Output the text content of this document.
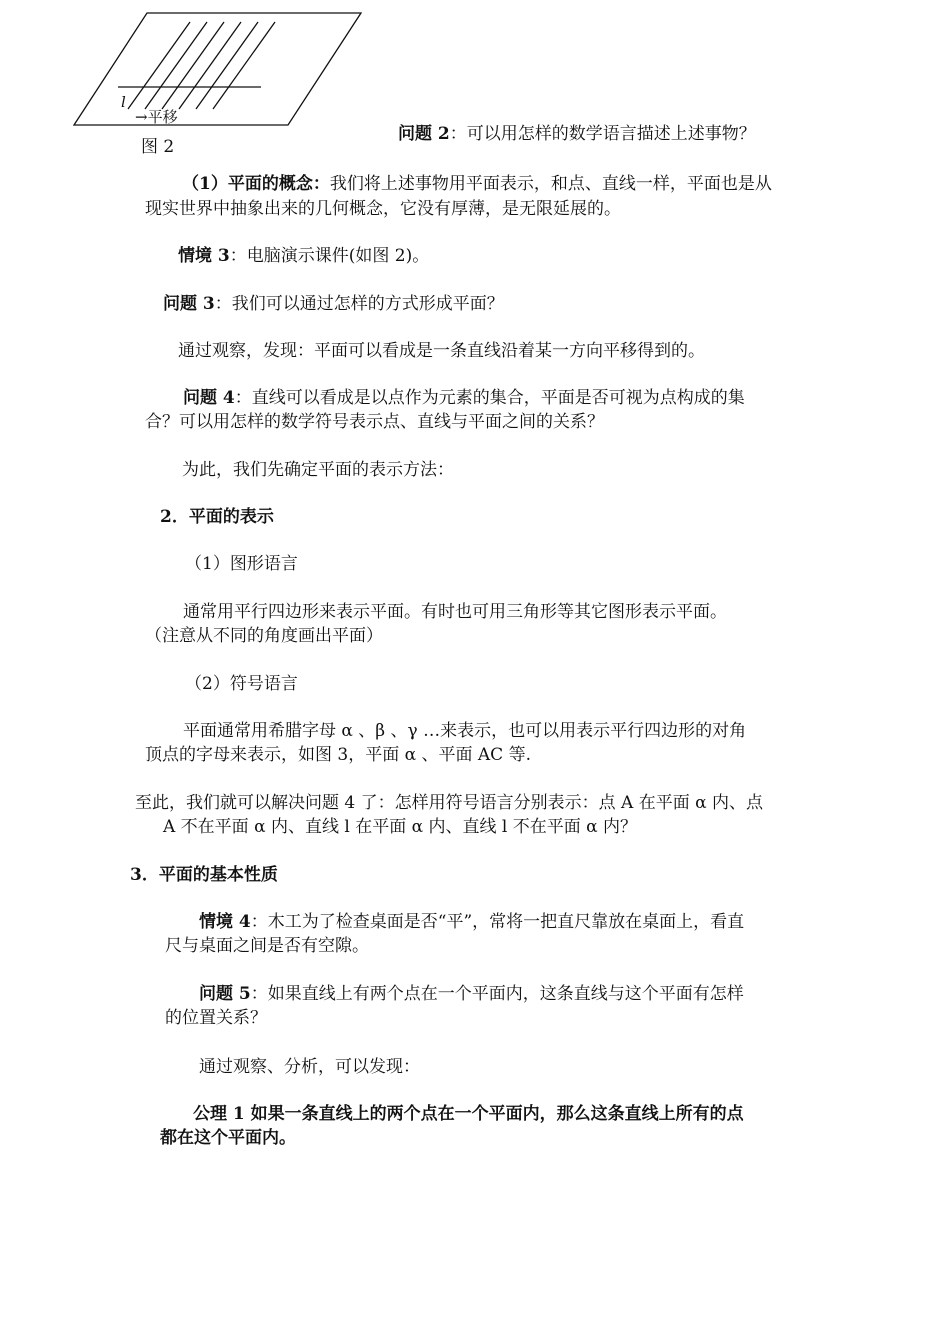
l
→平移
图 2
问题 2：可以用怎样的数学语言描述上述事物？
（1）平面的概念：我们将上述事物用平面表示，和点、直线一样，平面也是从
现实世界中抽象出来的几何概念，它没有厚薄，是无限延展的。
情境 3：电脑演示课件(如图 2)。
问题 3：我们可以通过怎样的方式形成平面？
通过观察，发现：平面可以看成是一条直线沿着某一方向平移得到的。
问题 4：直线可以看成是以点作为元素的集合，平面是否可视为点构成的集
合？可以用怎样的数学符号表示点、直线与平面之间的关系？
为此，我们先确定平面的表示方法：
2．平面的表示
（1）图形语言
通常用平行四边形来表示平面。有时也可用三角形等其它图形表示平面。
（注意从不同的角度画出平面）
（2）符号语言
平面通常用希腊字母 α 、β 、γ …来表示，也可以用表示平行四边形的对角
顶点的字母来表示，如图 3，平面 α 、平面 AC 等.
至此，我们就可以解决问题 4 了：怎样用符号语言分别表示：点 A 在平面 α 内、点
A 不在平面 α 内、直线 l 在平面 α 内、直线 l 不在平面 α 内？
3．平面的基本性质
情境 4：木工为了检查桌面是否“平”，常将一把直尺靠放在桌面上，看直
尺与桌面之间是否有空隙。
问题 5：如果直线上有两个点在一个平面内，这条直线与这个平面有怎样
的位置关系？
通过观察、分析，可以发现：
公理 1 如果一条直线上的两个点在一个平面内，那么这条直线上所有的点
都在这个平面内。
